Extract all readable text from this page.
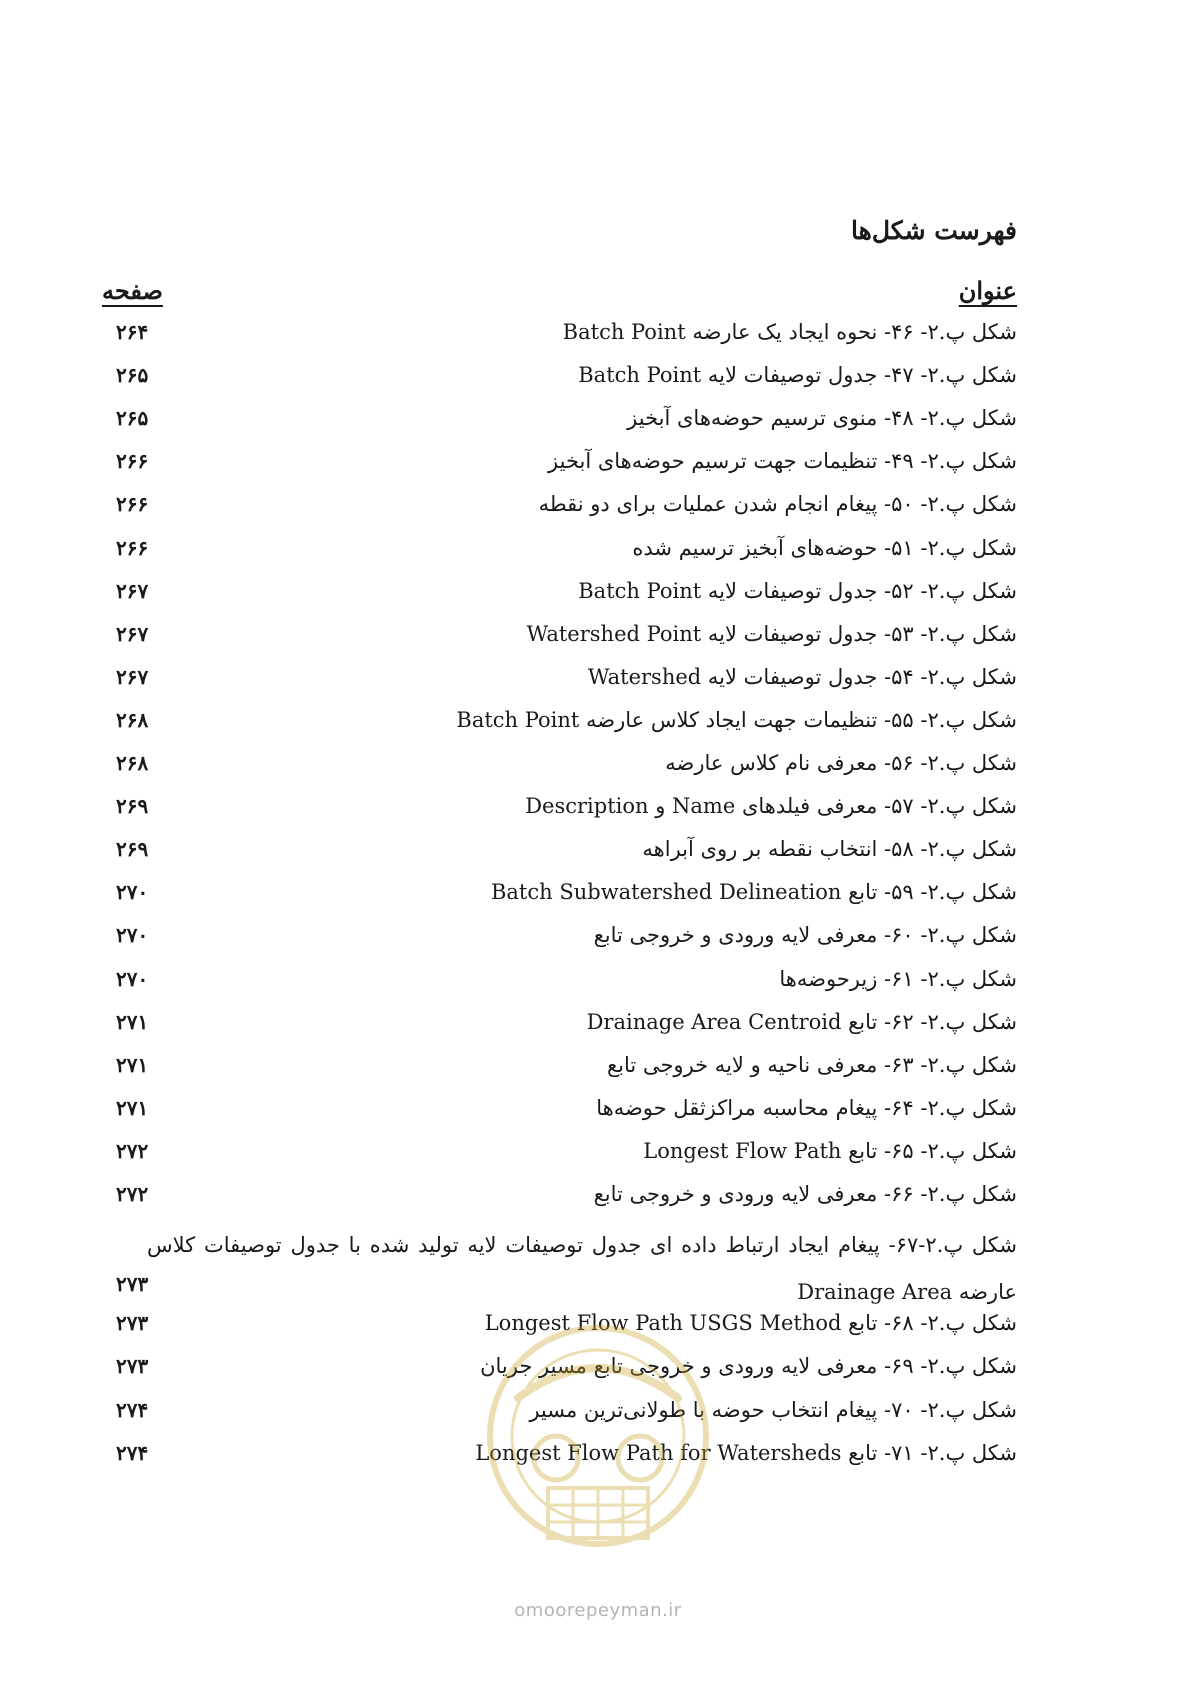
فهرست شکل‌ها
عنوان
صفحه
شکل پ.۲- ۴۶- نحوه ایجاد یک عارضه Batch Point
۲۶۴
شکل پ.۲- ۴۷- جدول توصیفات لایه Batch Point
۲۶۵
شکل پ.۲- ۴۸- منوی ترسیم حوضه‌های آبخیز
۲۶۵
شکل پ.۲- ۴۹- تنظیمات جهت ترسیم حوضه‌های آبخیز
۲۶۶
شکل پ.۲- ۵۰- پیغام انجام شدن عملیات برای دو نقطه
۲۶۶
شکل پ.۲- ۵۱- حوضه‌های آبخیز ترسیم شده
۲۶۶
شکل پ.۲- ۵۲- جدول توصیفات لایه Batch Point
۲۶۷
شکل پ.۲- ۵۳- جدول توصیفات لایه Watershed Point
۲۶۷
شکل پ.۲- ۵۴- جدول توصیفات لایه Watershed
۲۶۷
شکل پ.۲- ۵۵- تنظیمات جهت ایجاد کلاس عارضه Batch Point
۲۶۸
شکل پ.۲- ۵۶- معرفی نام کلاس عارضه
۲۶۸
شکل پ.۲- ۵۷- معرفی فیلدهای Name و Description
۲۶۹
شکل پ.۲- ۵۸- انتخاب نقطه بر روی آبراهه
۲۶۹
شکل پ.۲- ۵۹- تابع Batch Subwatershed Delineation
۲۷۰
شکل پ.۲- ۶۰- معرفی لایه ورودی و خروجی تابع
۲۷۰
شکل پ.۲- ۶۱- زیرحوضه‌ها
۲۷۰
شکل پ.۲- ۶۲- تابع Drainage Area Centroid
۲۷۱
شکل پ.۲- ۶۳- معرفی ناحیه و لایه خروجی تابع
۲۷۱
شکل پ.۲- ۶۴- پیغام محاسبه مراکزثقل حوضه‌ها
۲۷۱
شکل پ.۲- ۶۵- تابع Longest Flow Path
۲۷۲
شکل پ.۲- ۶۶- معرفی لایه ورودی و خروجی تابع
۲۷۲
شکل پ.۲-۶۷- پیغام ایجاد ارتباط داده ای جدول توصیفات لایه تولید شده با جدول توصیفات کلاس عارضه Drainage Area
۲۷۳
شکل پ.۲- ۶۸- تابع Longest Flow Path USGS Method
۲۷۳
شکل پ.۲- ۶۹- معرفی لایه ورودی و خروجی تابع مسیر جریان
۲۷۳
شکل پ.۲- ۷۰- پیغام انتخاب حوضه با طولانی‌ترین مسیر
۲۷۴
شکل پ.۲- ۷۱- تابع Longest Flow Path for Watersheds
۲۷۴
omoorepeyman.ir
